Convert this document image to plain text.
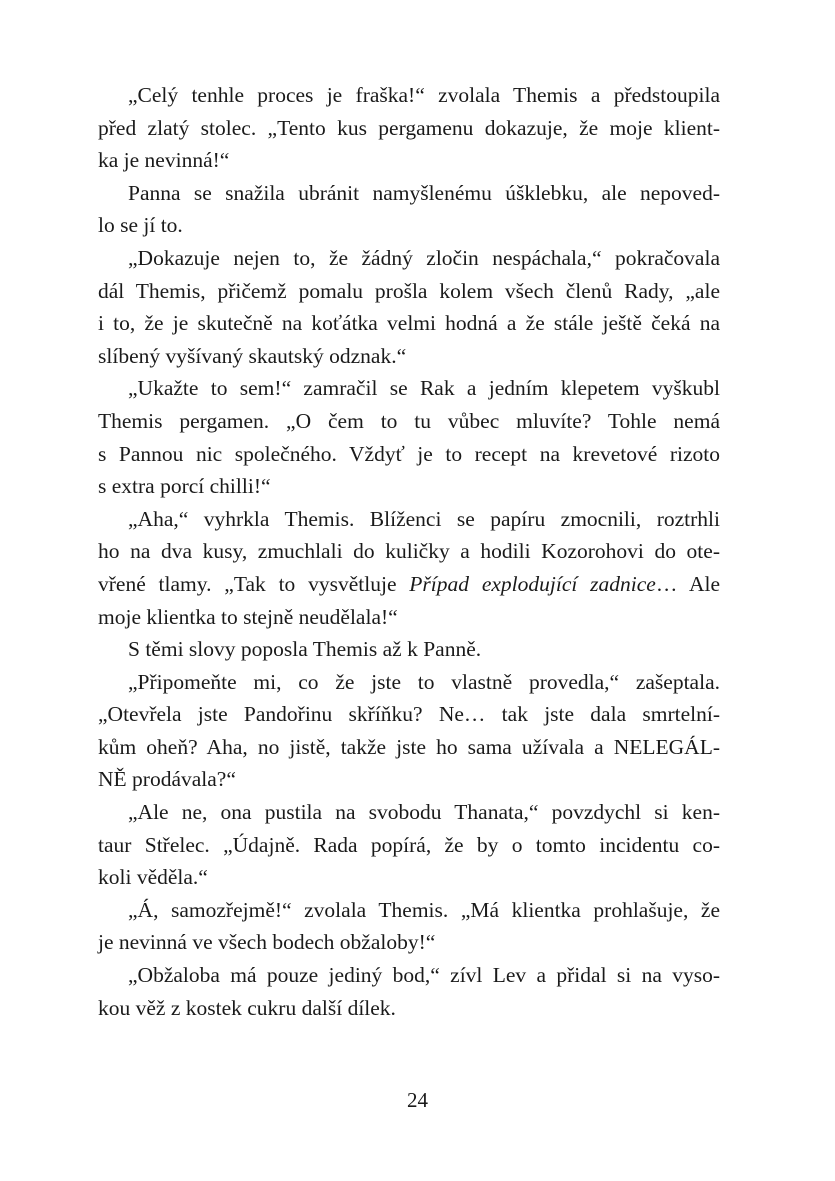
„Celý tenhle proces je fraška!“ zvolala Themis a předstoupila
před zlatý stolec. „Tento kus pergamenu dokazuje, že moje klient-
ka je nevinná!“
Panna se snažila ubránit namyšlenému úšklebku, ale nepoved-
lo se jí to.
„Dokazuje nejen to, že žádný zločin nespáchala,“ pokračovala
dál Themis, přičemž pomalu prošla kolem všech členů Rady, „ale
i to, že je skutečně na koťátka velmi hodná a že stále ještě čeká na
slíbený vyšívaný skautský odznak.“
„Ukažte to sem!“ zamračil se Rak a jedním klepetem vyškubl
Themis pergamen. „O čem to tu vůbec mluvíte? Tohle nemá
s Pannou nic společného. Vždyť je to recept na krevetové rizoto
s extra porcí chilli!“
„Aha,“ vyhrkla Themis. Blíženci se papíru zmocnili, roztrhli
ho na dva kusy, zmuchlali do kuličky a hodili Kozorohovi do ote-
vřené tlamy. „Tak to vysvětluje Případ explodující zadnice… Ale
moje klientka to stejně neudělala!“
S těmi slovy poposla Themis až k Panně.
„Připomeňte mi, co že jste to vlastně provedla,“ zašeptala.
„Otevřela jste Pandořinu skříňku? Ne… tak jste dala smrtelní-
kům oheň? Aha, no jistě, takže jste ho sama užívala a NELEGÁL-
NĚ prodávala?“
„Ale ne, ona pustila na svobodu Thanata,“ povzdychl si ken-
taur Střelec. „Údajně. Rada popírá, že by o tomto incidentu co-
koli věděla.“
„Á, samozřejmě!“ zvolala Themis. „Má klientka prohlašuje, že
je nevinná ve všech bodech obžaloby!“
„Obžaloba má pouze jediný bod,“ zívl Lev a přidal si na vyso-
kou věž z kostek cukru další dílek.
24
